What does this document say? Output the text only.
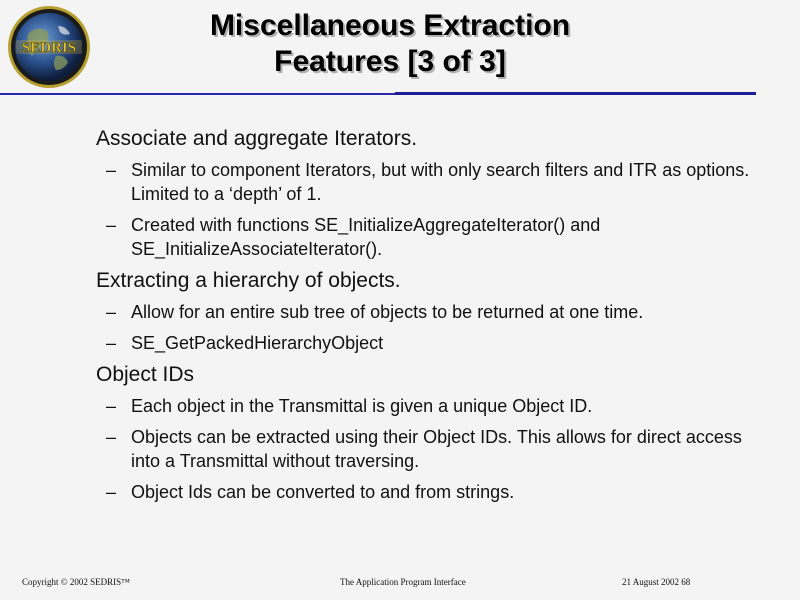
SEDRIS
Miscellaneous Extraction
Features [3 of 3]
Associate and aggregate Iterators.
– Similar to component Iterators, but with only search filters and ITR as options. Limited to a ‘depth’ of 1.
– Created with functions SE_InitializeAggregateIterator() and SE_InitializeAssociateIterator().
Extracting a hierarchy of objects.
– Allow for an entire sub tree of objects to be returned at one time.
– SE_GetPackedHierarchyObject
Object IDs
– Each object in the Transmittal is given a unique Object ID.
– Objects can be extracted using their Object IDs. This allows for direct access into a Transmittal without traversing.
– Object Ids can be converted to and from strings.
Copyright © 2002 SEDRIS™	The Application Program Interface	21 August 2002 68
